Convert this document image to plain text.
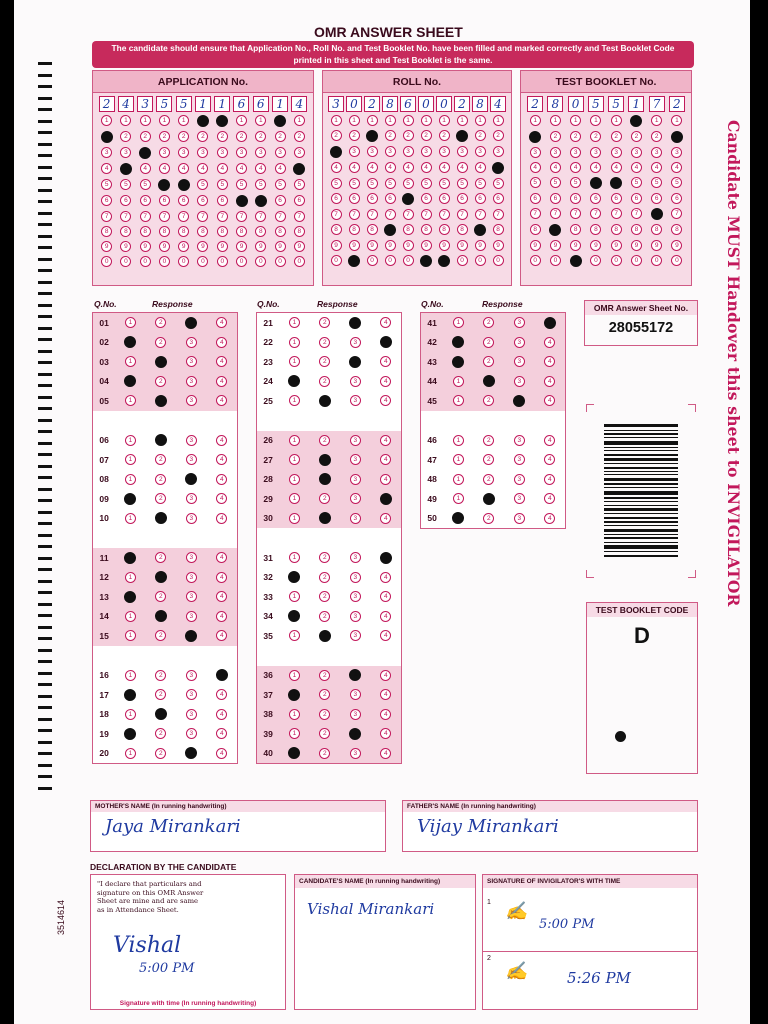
OMR ANSWER SHEET
The candidate should ensure that Application No., Roll No. and Test Booklet No. have been filled and marked correctly and Test Booklet Code printed in this sheet and Test Booklet is the same.
APPLICATION No.
2 4 3 5 5 1 1 6 6 1 4
1	1	1	1	1	1	1	1	1	1	1
2	2	2	2	2	2	2	2	2	2	2
3	3	3	3	3	3	3	3	3	3	3
4	4	4	4	4	4	4	4	4	4	4
5	5	5	5	5	5	5	5	5	5	5
6	6	6	6	6	6	6	6	6	6	6
7	7	7	7	7	7	7	7	7	7	7
8	8	8	8	8	8	8	8	8	8	8
9	9	9	9	9	9	9	9	9	9	9
0	0	0	0	0	0	0	0	0	0	0
ROLL No.
3 0 2 8 6 0 0 2 8 4
1	1	1	1	1	1	1	1	1	1
2	2	2	2	2	2	2	2	2	2
3	3	3	3	3	3	3	3	3	3
4	4	4	4	4	4	4	4	4	4
5	5	5	5	5	5	5	5	5	5
6	6	6	6	6	6	6	6	6	6
7	7	7	7	7	7	7	7	7	7
8	8	8	8	8	8	8	8	8	8
9	9	9	9	9	9	9	9	9	9
0	0	0	0	0	0	0	0	0	0
TEST BOOKLET No.
2	8	0	5	5	1	7	2
1	1	1	1	1	1	1	1
2	2	2	2	2	2	2	2
3	3	3	3	3	3	3	3
4	4	4	4	4	4	4	4
5	5	5	5	5	5	5	5
6	6	6	6	6	6	6	6
7	7	7	7	7	7	7	7
8	8	8	8	8	8	8	8
9	9	9	9	9	9	9	9
0	0	0	0	0	0	0	0
Q.No.	Response	Q.No.	Response	Q.No.	Response
01	1	2	3	4
02	1	2	3	4
03	1	2	3	4
04	1	2	3	4
05	1	2	3	4
06	1	2	3	4
07	1	2	3	4
08	1	2	3	4
09	1	2	3	4
10	1	2	3	4
11	1	2	3	4
12	1	2	3	4
13	1	2	3	4
14	1	2	3	4
15	1	2	3	4
16	1	2	3	4
17	1	2	3	4
18	1	2	3	4
19	1	2	3	4
20	1	2	3	4
21	1	2	3	4
22	1	2	3	4
23	1	2	3	4
24	1	2	3	4
25	1	2	3	4
26	1	2	3	4
27	1	2	3	4
28	1	2	3	4
29	1	2	3	4
30	1	2	3	4
31	1	2	3	4
32	1	2	3	4
33	1	2	3	4
34	1	2	3	4
35	1	2	3	4
36	1	2	3	4
37	1	2	3	4
38	1	2	3	4
39	1	2	3	4
40	1	2	3	4
41	1	2	3	4
42	1	2	3	4
43	1	2	3	4
44	1	2	3	4
45	1	2	3	4
46	1	2	3	4
47	1	2	3	4
48	1	2	3	4
49	1	2	3	4
50	1	2	3	4
OMR Answer Sheet No.
28055172
TEST BOOKLET CODE
D
Candidate MUST Handover this sheet to INVIGILATOR
MOTHER'S NAME (In running handwriting)
Jaya Mirankari
FATHER'S NAME (In running handwriting)
Vijay Mirankari
DECLARATION BY THE CANDIDATE
"I declare that particulars and signature on this OMR Answer Sheet are mine and are same as in Attendance Sheet.
Vishal
5:00 PM
Signature with time (In running handwriting)
CANDIDATE'S NAME (In running handwriting)
Vishal Mirankari
SIGNATURE OF INVIGILATOR'S WITH TIME
1 ✍
5:00 PM
2
✍	5:26 PM
3514614
